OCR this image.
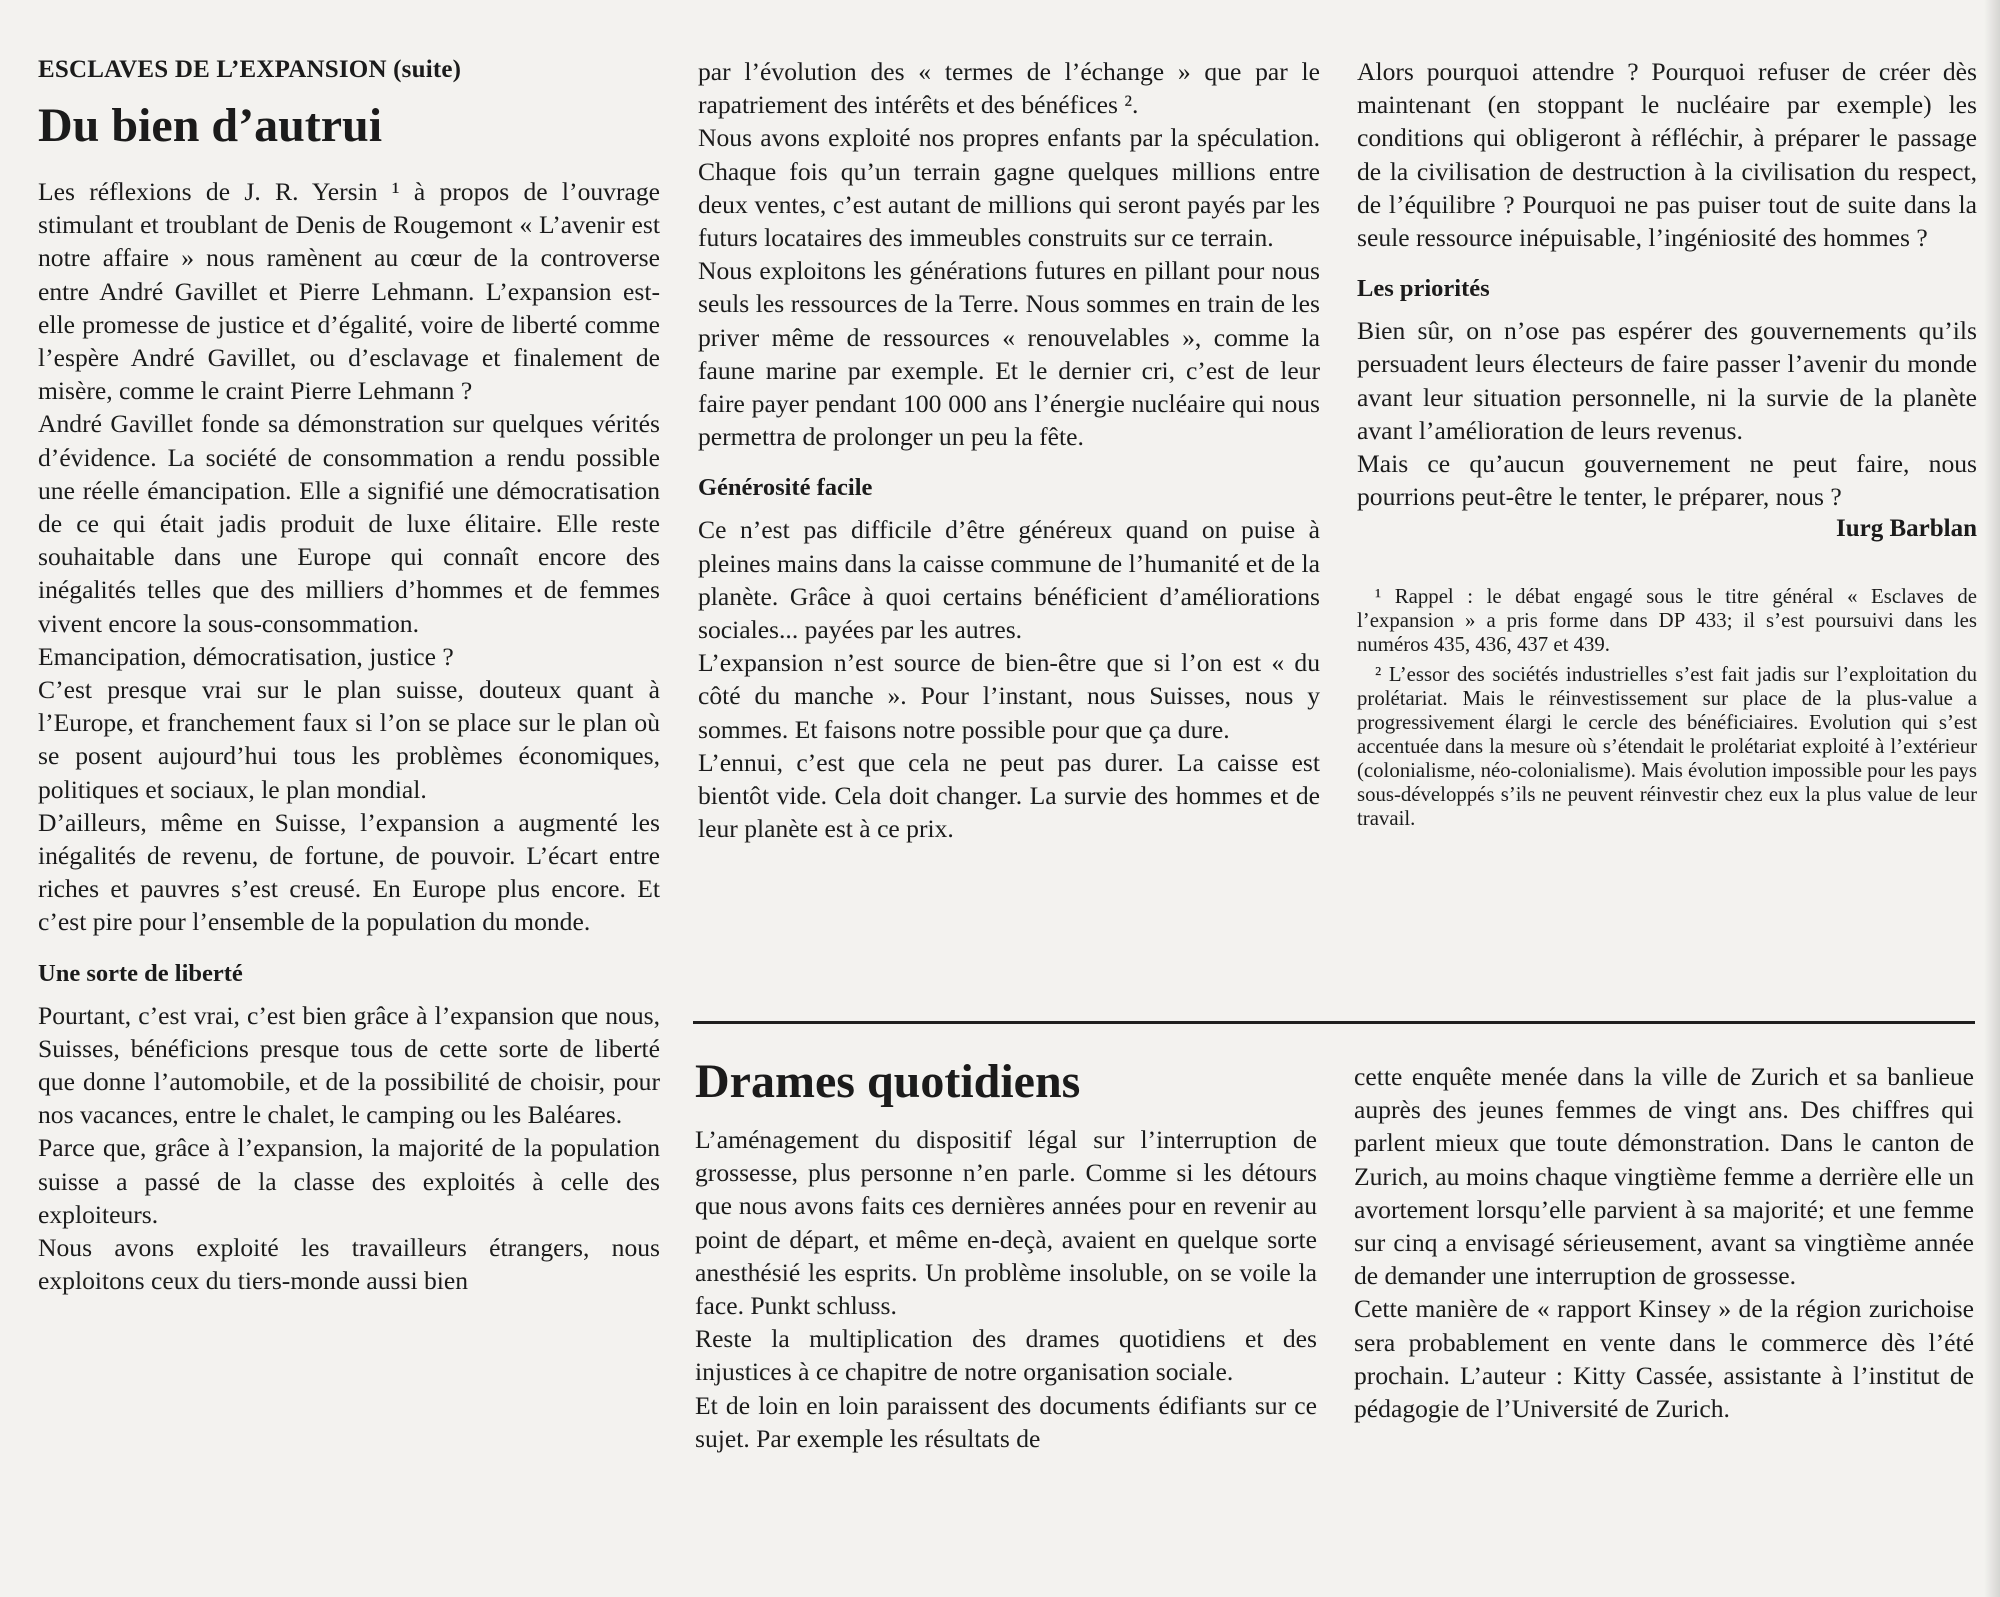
ESCLAVES DE L’EXPANSION (suite)
Du bien d’autrui

Les réflexions de J. R. Yersin ¹ à propos de l’ouvrage stimulant et troublant de Denis de Rougemont « L’avenir est notre affaire » nous ramènent au cœur de la controverse entre André Gavillet et Pierre Lehmann. L’expansion est-elle promesse de justice et d’égalité, voire de liberté comme l’espère André Gavillet, ou d’esclavage et finalement de misère, comme le craint Pierre Lehmann ?

André Gavillet fonde sa démonstration sur quelques vérités d’évidence. La société de consommation a rendu possible une réelle émancipation. Elle a signifié une démocratisation de ce qui était jadis produit de luxe élitaire. Elle reste souhaitable dans une Europe qui connaît encore des inégalités telles que des milliers d’hommes et de femmes vivent encore la sous-consommation.

Emancipation, démocratisation, justice ?

C’est presque vrai sur le plan suisse, douteux quant à l’Europe, et franchement faux si l’on se place sur le plan où se posent aujourd’hui tous les problèmes économiques, politiques et sociaux, le plan mondial.

D’ailleurs, même en Suisse, l’expansion a augmenté les inégalités de revenu, de fortune, de pouvoir. L’écart entre riches et pauvres s’est creusé. En Europe plus encore. Et c’est pire pour l’ensemble de la population du monde.

Une sorte de liberté

Pourtant, c’est vrai, c’est bien grâce à l’expansion que nous, Suisses, bénéficions presque tous de cette sorte de liberté que donne l’automobile, et de la possibilité de choisir, pour nos vacances, entre le chalet, le camping ou les Baléares.

Parce que, grâce à l’expansion, la majorité de la population suisse a passé de la classe des exploités à celle des exploiteurs.

Nous avons exploité les travailleurs étrangers, nous exploitons ceux du tiers-monde aussi bien

par l’évolution des « termes de l’échange » que par le rapatriement des intérêts et des bénéfices ².

Nous avons exploité nos propres enfants par la spéculation. Chaque fois qu’un terrain gagne quelques millions entre deux ventes, c’est autant de millions qui seront payés par les futurs locataires des immeubles construits sur ce terrain.

Nous exploitons les générations futures en pillant pour nous seuls les ressources de la Terre. Nous sommes en train de les priver même de ressources « renouvelables », comme la faune marine par exemple. Et le dernier cri, c’est de leur faire payer pendant 100 000 ans l’énergie nucléaire qui nous permettra de prolonger un peu la fête.

Générosité facile

Ce n’est pas difficile d’être généreux quand on puise à pleines mains dans la caisse commune de l’humanité et de la planète. Grâce à quoi certains bénéficient d’améliorations sociales... payées par les autres.

L’expansion n’est source de bien-être que si l’on est « du côté du manche ». Pour l’instant, nous Suisses, nous y sommes. Et faisons notre possible pour que ça dure.

L’ennui, c’est que cela ne peut pas durer. La caisse est bientôt vide. Cela doit changer. La survie des hommes et de leur planète est à ce prix.

Alors pourquoi attendre ? Pourquoi refuser de créer dès maintenant (en stoppant le nucléaire par exemple) les conditions qui obligeront à réfléchir, à préparer le passage de la civilisation de destruction à la civilisation du respect, de l’équilibre ? Pourquoi ne pas puiser tout de suite dans la seule ressource inépuisable, l’ingéniosité des hommes ?

Les priorités

Bien sûr, on n’ose pas espérer des gouvernements qu’ils persuadent leurs électeurs de faire passer l’avenir du monde avant leur situation personnelle, ni la survie de la planète avant l’amélioration de leurs revenus.

Mais ce qu’aucun gouvernement ne peut faire, nous pourrions peut-être le tenter, le préparer, nous ?

Iurg Barblan

¹ Rappel : le débat engagé sous le titre général « Esclaves de l’expansion » a pris forme dans DP 433; il s’est poursuivi dans les numéros 435, 436, 437 et 439.

² L’essor des sociétés industrielles s’est fait jadis sur l’exploitation du prolétariat. Mais le réinvestissement sur place de la plus-value a progressivement élargi le cercle des bénéficiaires. Evolution qui s’est accentuée dans la mesure où s’étendait le prolétariat exploité à l’extérieur (colonialisme, néo-colonialisme). Mais évolution impossible pour les pays sous-développés s’ils ne peuvent réinvestir chez eux la plus value de leur travail.

Drames quotidiens

L’aménagement du dispositif légal sur l’interruption de grossesse, plus personne n’en parle. Comme si les détours que nous avons faits ces dernières années pour en revenir au point de départ, et même en-deçà, avaient en quelque sorte anesthésié les esprits. Un problème insoluble, on se voile la face. Punkt schluss.

Reste la multiplication des drames quotidiens et des injustices à ce chapitre de notre organisation sociale.

Et de loin en loin paraissent des documents édifiants sur ce sujet. Par exemple les résultats de

cette enquête menée dans la ville de Zurich et sa banlieue auprès des jeunes femmes de vingt ans. Des chiffres qui parlent mieux que toute démonstration. Dans le canton de Zurich, au moins chaque vingtième femme a derrière elle un avortement lorsqu’elle parvient à sa majorité; et une femme sur cinq a envisagé sérieusement, avant sa vingtième année de demander une interruption de grossesse.

Cette manière de « rapport Kinsey » de la région zurichoise sera probablement en vente dans le commerce dès l’été prochain. L’auteur : Kitty Cassée, assistante à l’institut de pédagogie de l’Université de Zurich.
